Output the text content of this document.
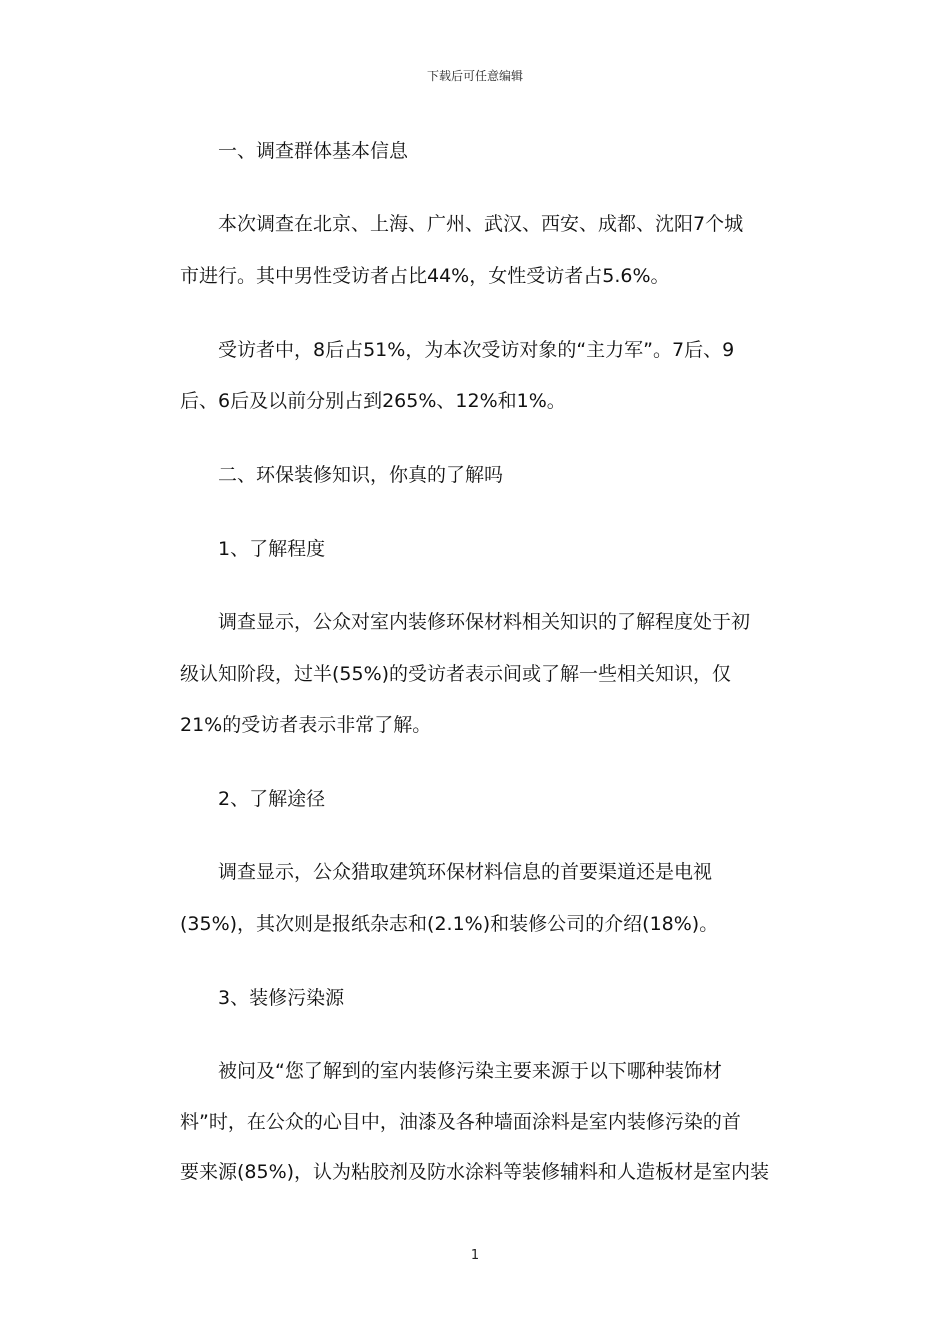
下载后可任意编辑
一、调查群体基本信息
本次调查在北京、上海、广州、武汉、西安、成都、沈阳7个城
市进行。其中男性受访者占比44%，女性受访者占5.6%。
受访者中，8后占51%，为本次受访对象的“主力军”。7后、9
后、6后及以前分别占到265%、12%和1%。
二、环保装修知识，你真的了解吗
1、了解程度
调查显示，公众对室内装修环保材料相关知识的了解程度处于初
级认知阶段，过半(55%)的受访者表示间或了解一些相关知识，仅
21%的受访者表示非常了解。
2、了解途径
调查显示，公众猎取建筑环保材料信息的首要渠道还是电视
(35%)，其次则是报纸杂志和(2.1%)和装修公司的介绍(18%)。
3、装修污染源
被问及“您了解到的室内装修污染主要来源于以下哪种装饰材
料”时，在公众的心目中，油漆及各种墙面涂料是室内装修污染的首
要来源(85%)，认为粘胶剂及防水涂料等装修辅料和人造板材是室内装
1
